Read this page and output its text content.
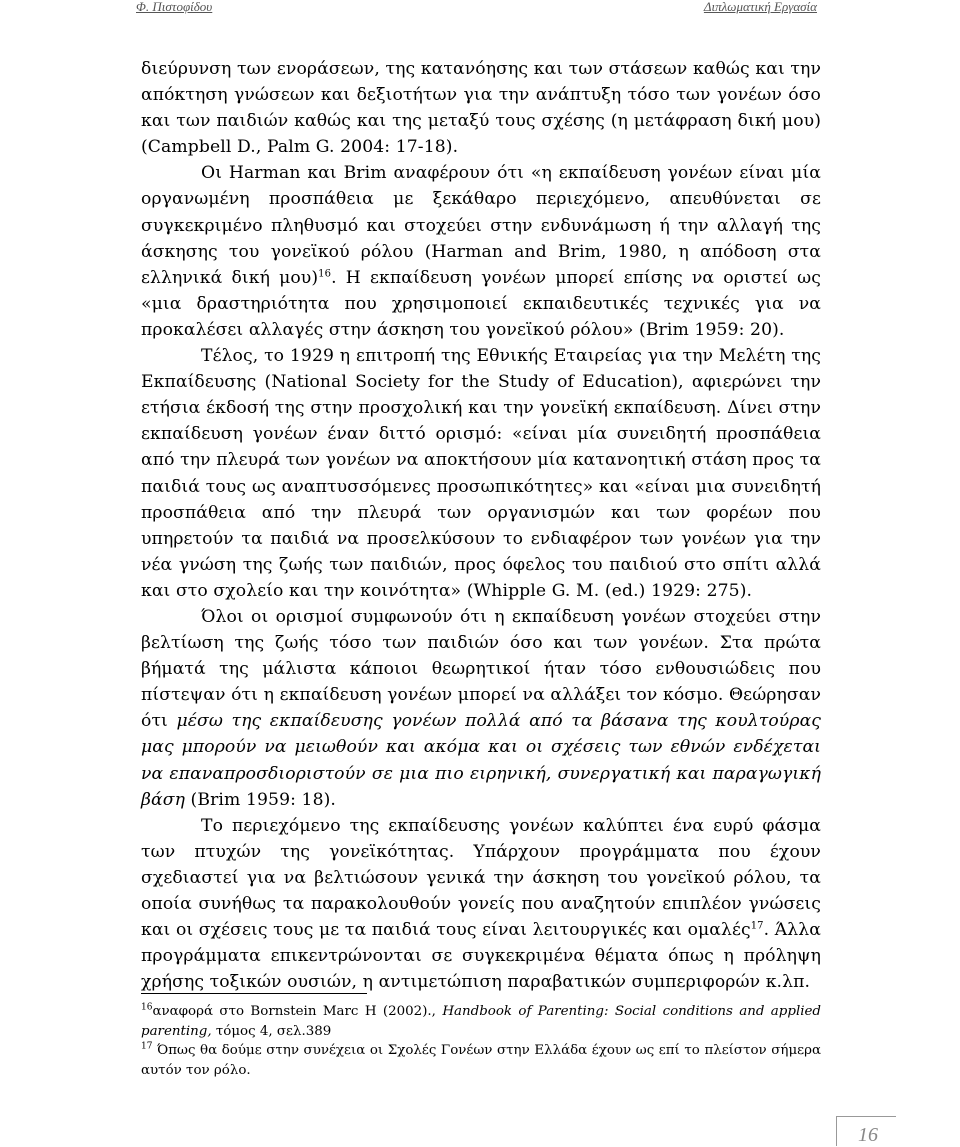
Φ. Πιστοφίδου	Διπλωματική Εργασία

διεύρυνση των ενοράσεων, της κατανόησης και των στάσεων καθώς και την απόκτηση γνώσεων και δεξιοτήτων για την ανάπτυξη τόσο των γονέων όσο και των παιδιών καθώς και της μεταξύ τους σχέσης (η μετάφραση δική μου) (Campbell D., Palm G. 2004: 17-18).

Οι Harman και Brim αναφέρουν ότι «η εκπαίδευση γονέων είναι μία οργανωμένη προσπάθεια με ξεκάθαρο περιεχόμενο, απευθύνεται σε συγκεκριμένο πληθυσμό και στοχεύει στην ενδυνάμωση ή την αλλαγή της άσκησης του γονεϊκού ρόλου (Harman and Brim, 1980, η απόδοση στα ελληνικά δική μου)$^{16}$. Η εκπαίδευση γονέων μπορεί επίσης να οριστεί ως «μια δραστηριότητα που χρησιμοποιεί εκπαιδευτικές τεχνικές για να προκαλέσει αλλαγές στην άσκηση του γονεϊκού ρόλου» (Brim 1959: 20).

Τέλος, το 1929 η επιτροπή της Εθνικής Εταιρείας για την Μελέτη της Εκπαίδευσης (National Society for the Study of Education), αφιερώνει την ετήσια έκδοσή της στην προσχολική και την γονεϊκή εκπαίδευση. Δίνει στην εκπαίδευση γονέων έναν διττό ορισμό: «είναι μία συνειδητή προσπάθεια από την πλευρά των γονέων να αποκτήσουν μία κατανοητική στάση προς τα παιδιά τους ως αναπτυσσόμενες προσωπικότητες» και «είναι μια συνειδητή προσπάθεια από την πλευρά των οργανισμών και των φορέων που υπηρετούν τα παιδιά να προσελκύσουν το ενδιαφέρον των γονέων για την νέα γνώση της ζωής των παιδιών, προς όφελος του παιδιού στο σπίτι αλλά και στο σχολείο και την κοινότητα» (Whipple G. M. (ed.) 1929: 275).

Όλοι οι ορισμοί συμφωνούν ότι η εκπαίδευση γονέων στοχεύει στην βελτίωση της ζωής τόσο των παιδιών όσο και των γονέων. Στα πρώτα βήματά της μάλιστα κάποιοι θεωρητικοί ήταν τόσο ενθουσιώδεις που πίστεψαν ότι η εκπαίδευση γονέων μπορεί να αλλάξει τον κόσμο. Θεώρησαν ότι μέσω της εκπαίδευσης γονέων πολλά από τα βάσανα της κουλτούρας μας μπορούν να μειωθούν και ακόμα και οι σχέσεις των εθνών ενδέχεται να επαναπροσδιοριστούν σε μια πιο ειρηνική, συνεργατική και παραγωγική βάση (Brim 1959: 18).

Το περιεχόμενο της εκπαίδευσης γονέων καλύπτει ένα ευρύ φάσμα των πτυχών της γονεϊκότητας. Υπάρχουν προγράμματα που έχουν σχεδιαστεί για να βελτιώσουν γενικά την άσκηση του γονεϊκού ρόλου, τα οποία συνήθως τα παρακολουθούν γονείς που αναζητούν επιπλέον γνώσεις και οι σχέσεις τους με τα παιδιά τους είναι λειτουργικές και ομαλές$^{17}$. Άλλα προγράμματα επικεντρώνονται σε συγκεκριμένα θέματα όπως η πρόληψη χρήσης τοξικών ουσιών, η αντιμετώπιση παραβατικών συμπεριφορών κ.λπ.

$^{16}$αναφορά στο Bornstein Marc H (2002)., Handbook of Parenting: Social conditions and applied parenting, τόμος 4, σελ.389

$^{17}$ Όπως θα δούμε στην συνέχεια οι Σχολές Γονέων στην Ελλάδα έχουν ως επί το πλείστον σήμερα αυτόν τον ρόλο.

16
